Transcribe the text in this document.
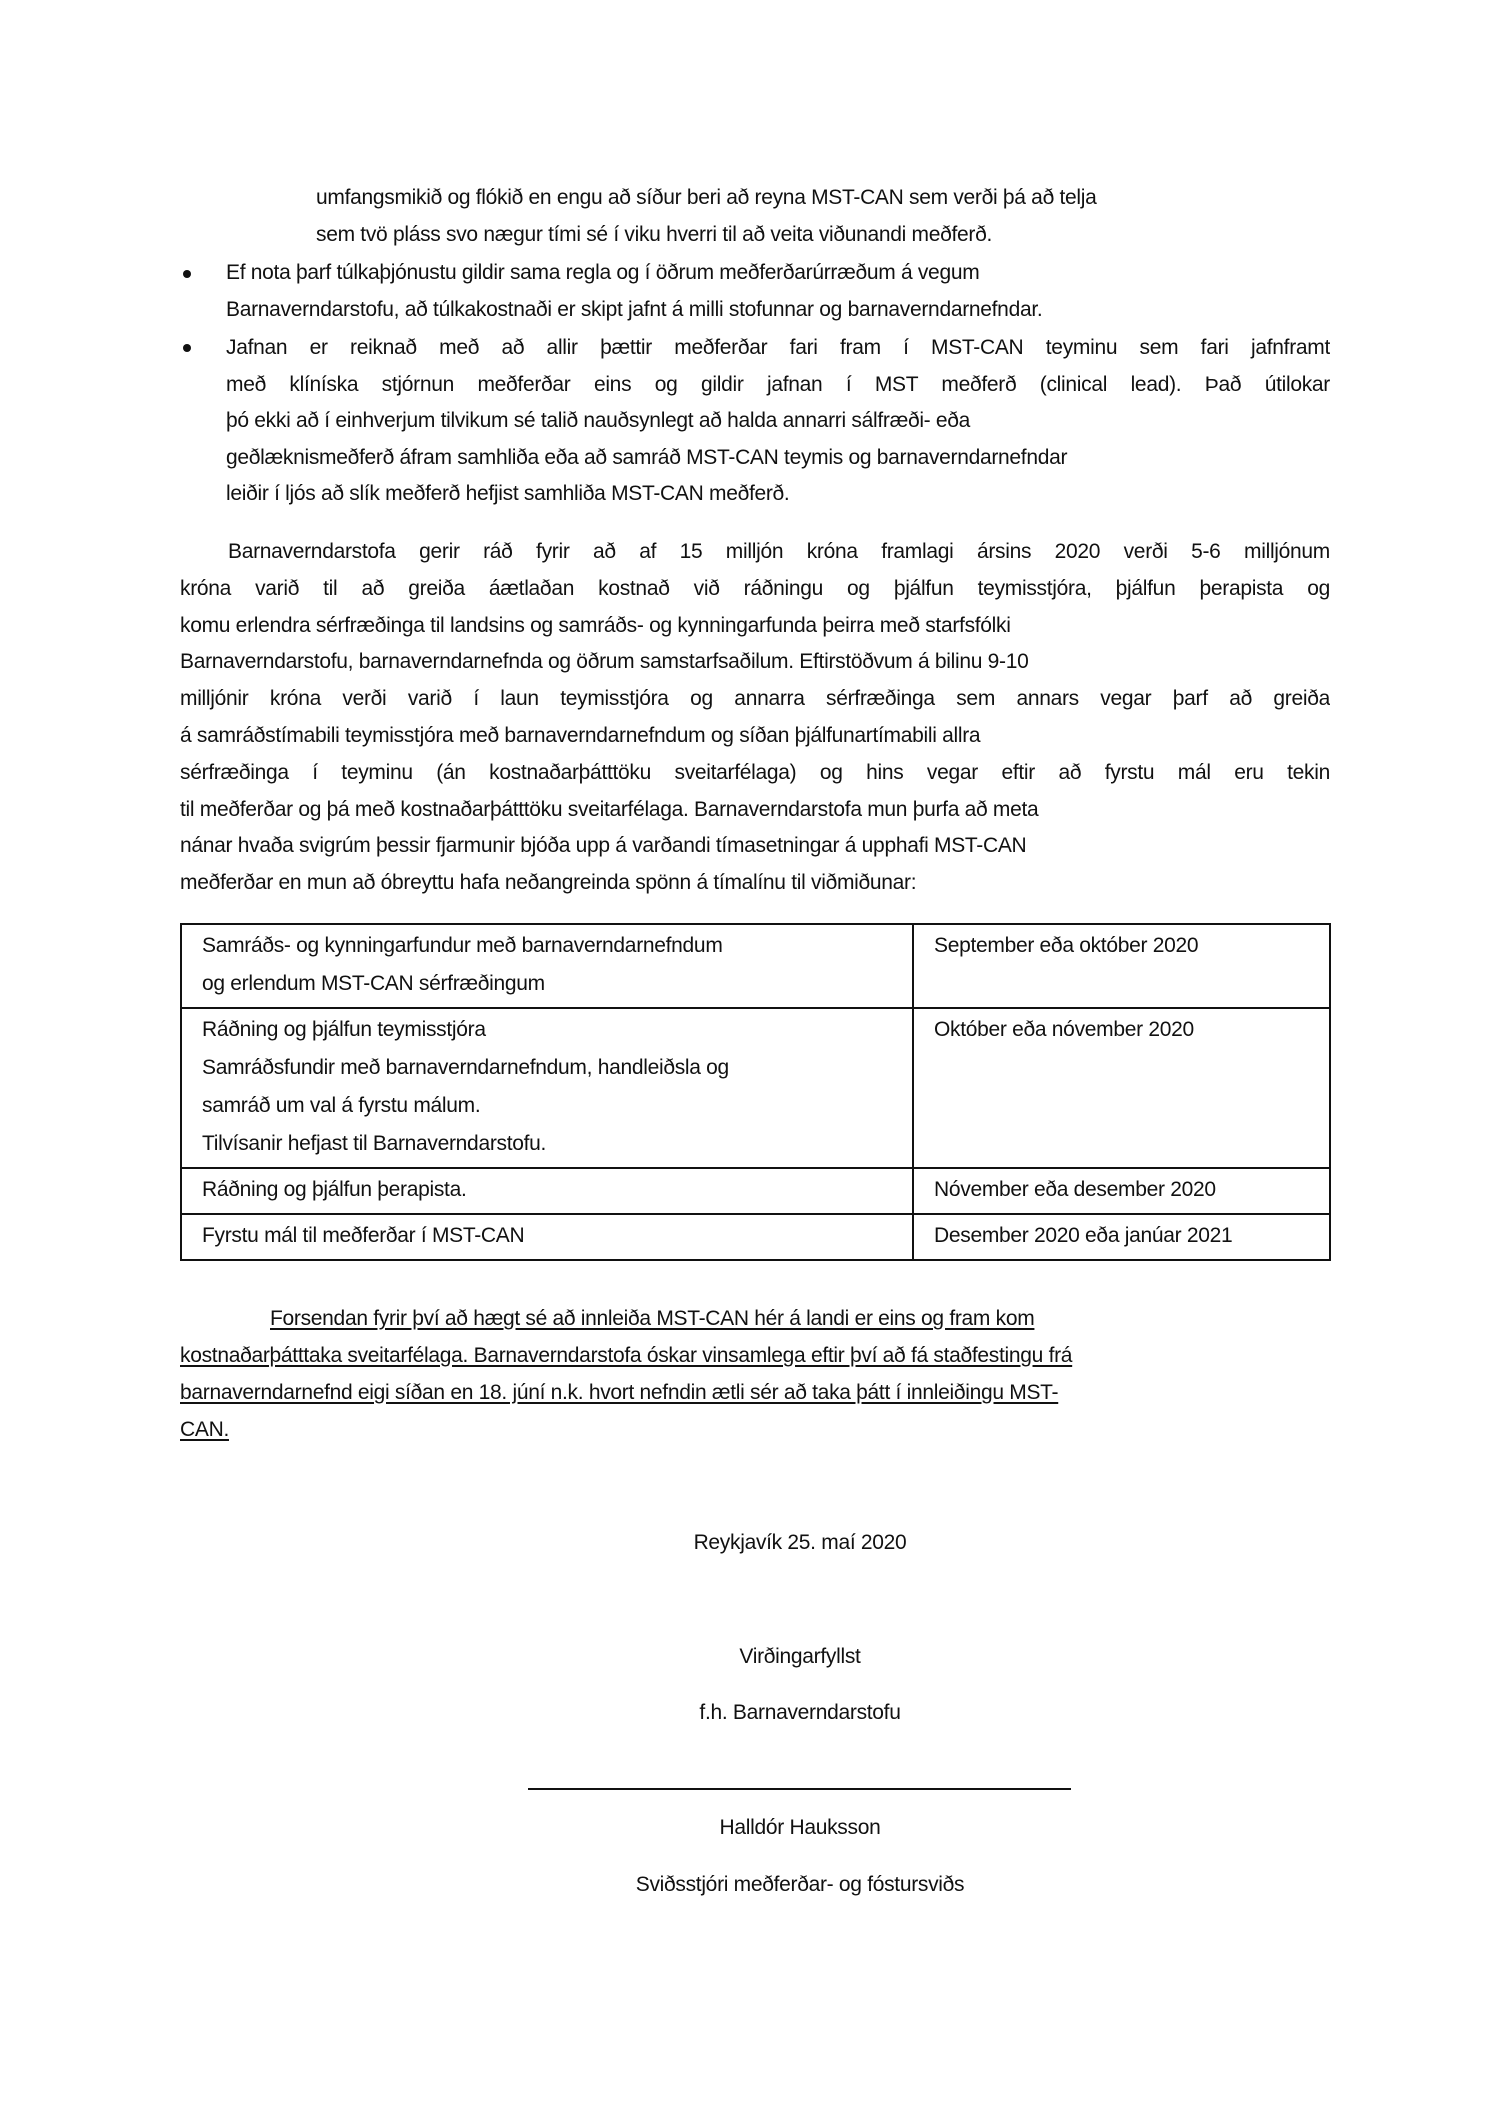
umfangsmikið og flókið en engu að síður beri að reyna MST-CAN sem verði þá að telja
sem tvö pláss svo nægur tími sé í viku hverri til að veita viðunandi meðferð.
Ef nota þarf túlkaþjónustu gildir sama regla og í öðrum meðferðarúrræðum á vegum
Barnaverndarstofu, að túlkakostnaði er skipt jafnt á milli stofunnar og barnaverndarnefndar.
Jafnan er reiknað með að allir þættir meðferðar fari fram í MST-CAN teyminu sem fari jafnframt
með klíníska stjórnun meðferðar eins og gildir jafnan í MST meðferð (clinical lead). Það útilokar
þó ekki að í einhverjum tilvikum sé talið nauðsynlegt að halda annarri sálfræði- eða
geðlæknismeðferð áfram samhliða eða að samráð MST-CAN teymis og barnaverndarnefndar
leiðir í ljós að slík meðferð hefjist samhliða MST-CAN meðferð.
Barnaverndarstofa gerir ráð fyrir að af 15 milljón króna framlagi ársins 2020 verði 5-6 milljónum
króna varið til að greiða áætlaðan kostnað við ráðningu og þjálfun teymisstjóra, þjálfun þerapista og
komu erlendra sérfræðinga til landsins og samráðs- og kynningarfunda þeirra með starfsfólki
Barnaverndarstofu, barnaverndarnefnda og öðrum samstarfsaðilum. Eftirstöðvum á bilinu 9-10
milljónir króna verði varið í laun teymisstjóra og annarra sérfræðinga sem annars vegar þarf að greiða
á samráðstímabili teymisstjóra með barnaverndarnefndum og síðan þjálfunartímabili allra
sérfræðinga í teyminu (án kostnaðarþátttöku sveitarfélaga) og hins vegar eftir að fyrstu mál eru tekin
til meðferðar og þá með kostnaðarþátttöku sveitarfélaga. Barnaverndarstofa mun þurfa að meta
nánar hvaða svigrúm þessir fjarmunir bjóða upp á varðandi tímasetningar á upphafi MST-CAN
meðferðar en mun að óbreyttu hafa neðangreinda spönn á tímalínu til viðmiðunar:
Samráðs- og kynningarfundur með barnaverndarnefndum
og erlendum MST-CAN sérfræðingum	September eða október 2020

Ráðning og þjálfun teymisstjóra
Samráðsfundir með barnaverndarnefndum, handleiðsla og
samráð um val á fyrstu málum.
Tilvísanir hefjast til Barnaverndarstofu.	Október eða nóvember 2020
Ráðning og þjálfun þerapista.	Nóvember eða desember 2020
Fyrstu mál til meðferðar í MST-CAN	Desember 2020 eða janúar 2021
Forsendan fyrir því að hægt sé að innleiða MST-CAN hér á landi er eins og fram kom
kostnaðarþátttaka sveitarfélaga. Barnaverndarstofa óskar vinsamlega eftir því að fá staðfestingu frá
barnaverndarnefnd eigi síðan en 18. júní n.k. hvort nefndin ætli sér að taka þátt í innleiðingu MST-
CAN.
Reykjavík 25. maí 2020
Virðingarfyllst
f.h. Barnaverndarstofu
Halldór Hauksson
Sviðsstjóri meðferðar- og fóstursviðs
